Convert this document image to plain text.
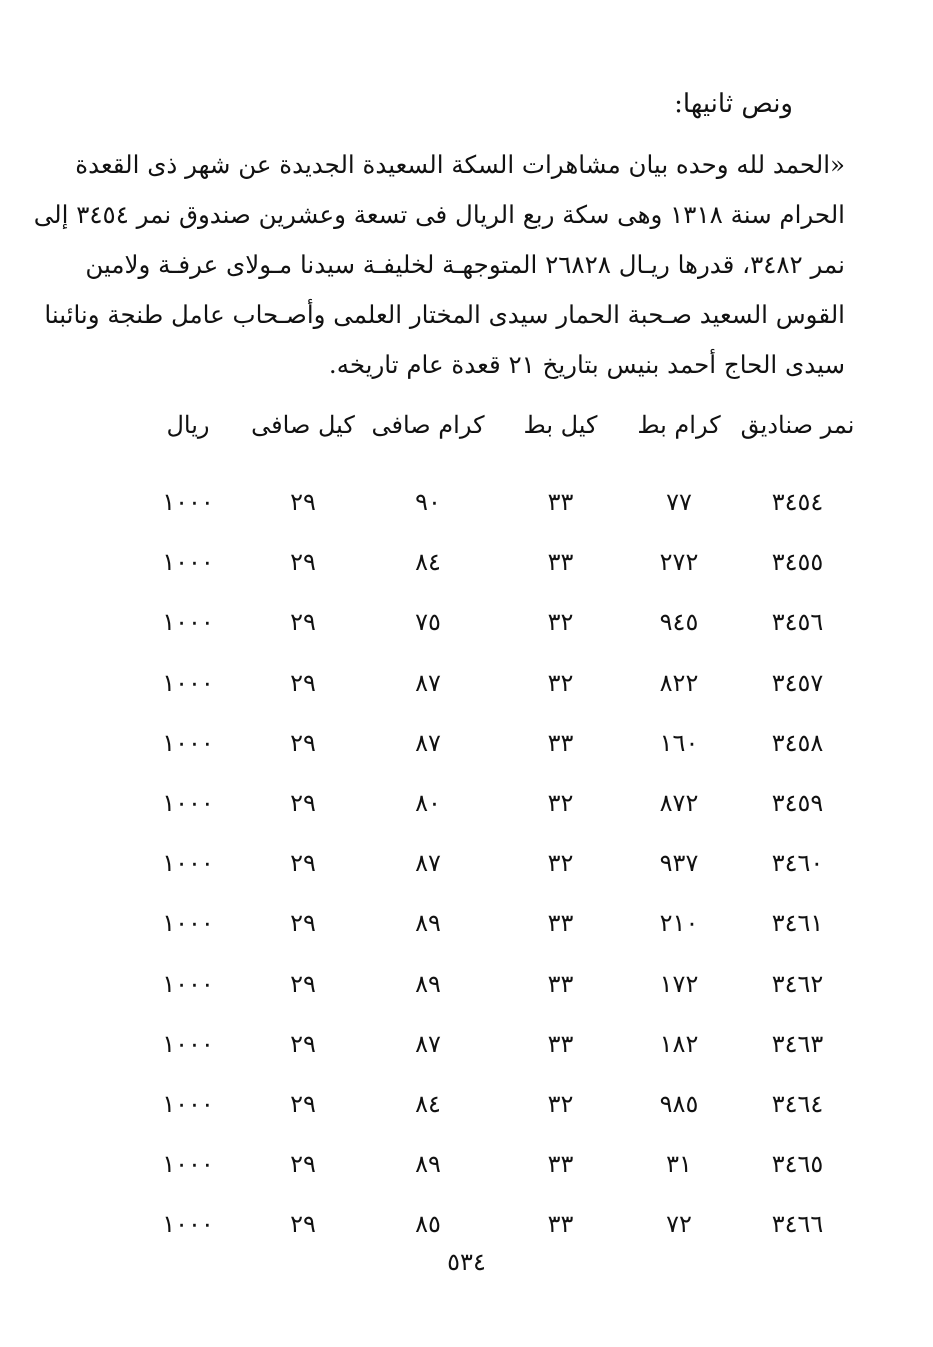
ونص ثانيها:
«الحمد لله وحده بيان مشاهرات السكة السعيدة الجديدة عن شهر ذى القعدة
الحرام سنة ١٣١٨ وهى سكة ربع الريال فى تسعة وعشرين صندوق نمر ٣٤٥٤ إلى
نمر ٣٤٨٢، قدرها ريـال ٢٦٨٢٨ المتوجهـة لخليفـة سيدنا مـولاى عرفـة ولامين
القوس السعيد صـحبة الحمار سيدى المختار العلمى وأصـحاب عامل طنجة ونائبنا
سيدى الحاج أحمد بنيس بتاريخ ٢١ قعدة عام تاريخه.
نمر صناديق
كرام بط
كيل بط
كرام صافى
كيل صافى
ريال
٣٤٥٤
٧٧
٣٣
٩٠
٢٩
١٠٠٠
٣٤٥٥
٢٧٢
٣٣
٨٤
٢٩
١٠٠٠
٣٤٥٦
٩٤٥
٣٢
٧٥
٢٩
١٠٠٠
٣٤٥٧
٨٢٢
٣٢
٨٧
٢٩
١٠٠٠
٣٤٥٨
١٦٠
٣٣
٨٧
٢٩
١٠٠٠
٣٤٥٩
٨٧٢
٣٢
٨٠
٢٩
١٠٠٠
٣٤٦٠
٩٣٧
٣٢
٨٧
٢٩
١٠٠٠
٣٤٦١
٢١٠
٣٣
٨٩
٢٩
١٠٠٠
٣٤٦٢
١٧٢
٣٣
٨٩
٢٩
١٠٠٠
٣٤٦٣
١٨٢
٣٣
٨٧
٢٩
١٠٠٠
٣٤٦٤
٩٨٥
٣٢
٨٤
٢٩
١٠٠٠
٣٤٦٥
٣١
٣٣
٨٩
٢٩
١٠٠٠
٣٤٦٦
٧٢
٣٣
٨٥
٢٩
١٠٠٠
٥٣٤
